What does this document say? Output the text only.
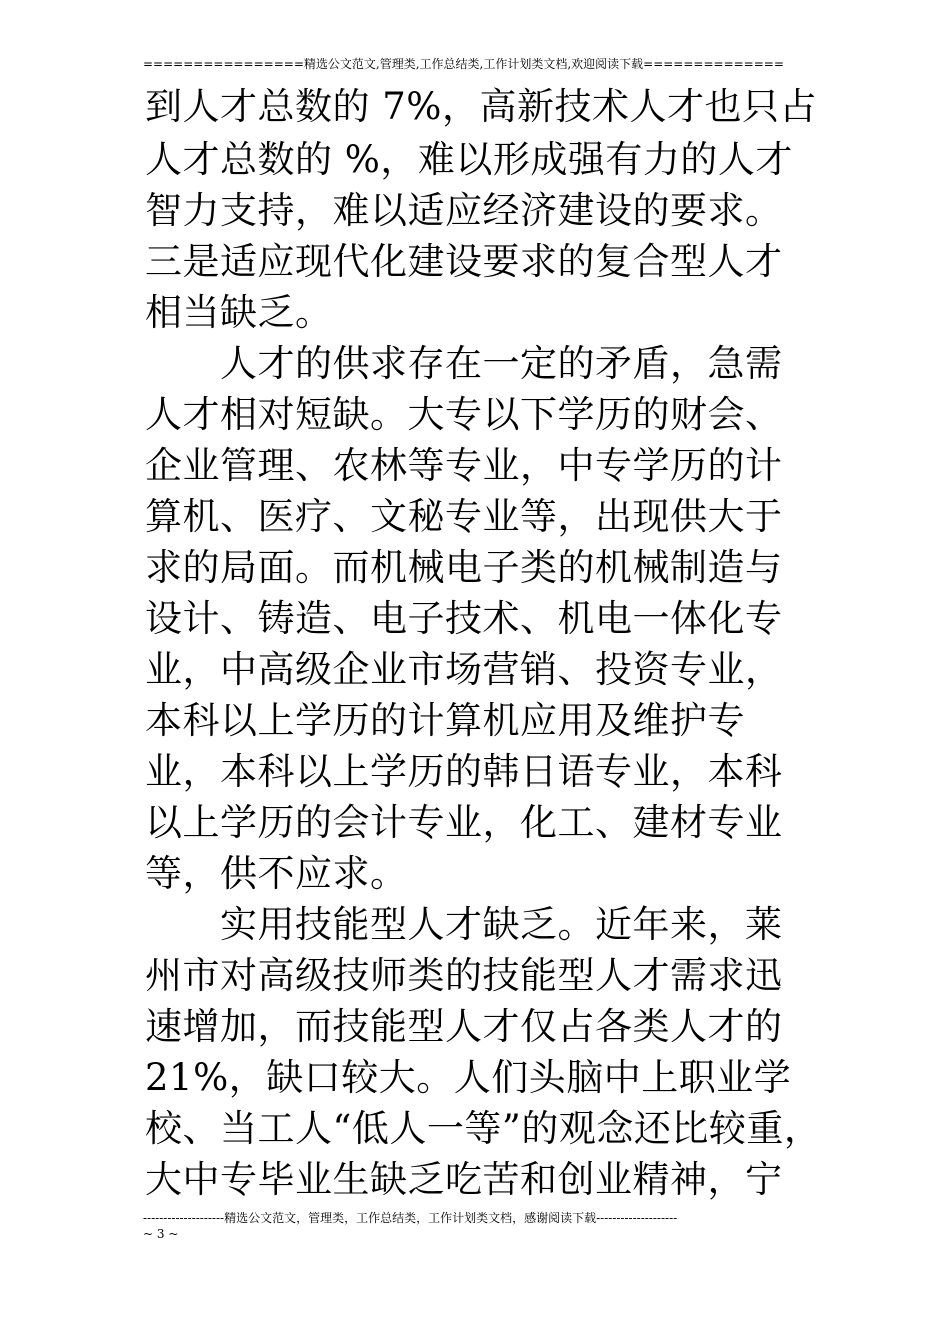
================精选公文范文,管理类,工作总结类,工作计划类文档,欢迎阅读下载==============
到人才总数的 7%，高新技术人才也只占
人才总数的 %，难以形成强有力的人才
智力支持，难以适应经济建设的要求。
三是适应现代化建设要求的复合型人才
相当缺乏。
　　人才的供求存在一定的矛盾，急需
人才相对短缺。大专以下学历的财会、
企业管理、农林等专业，中专学历的计
算机、医疗、文秘专业等，出现供大于
求的局面。而机械电子类的机械制造与
设计、铸造、电子技术、机电一体化专
业，中高级企业市场营销、投资专业，
本科以上学历的计算机应用及维护专
业，本科以上学历的韩日语专业，本科
以上学历的会计专业，化工、建材专业
等，供不应求。
　　实用技能型人才缺乏。近年来，莱
州市对高级技师类的技能型人才需求迅
速增加，而技能型人才仅占各类人才的
21%，缺口较大。人们头脑中上职业学
校、当工人“低人一等”的观念还比较重，
大中专毕业生缺乏吃苦和创业精神，宁
--------------------精选公文范文，管理类，工作总结类，工作计划类文档，感谢阅读下载--------------------
~ 3 ~
